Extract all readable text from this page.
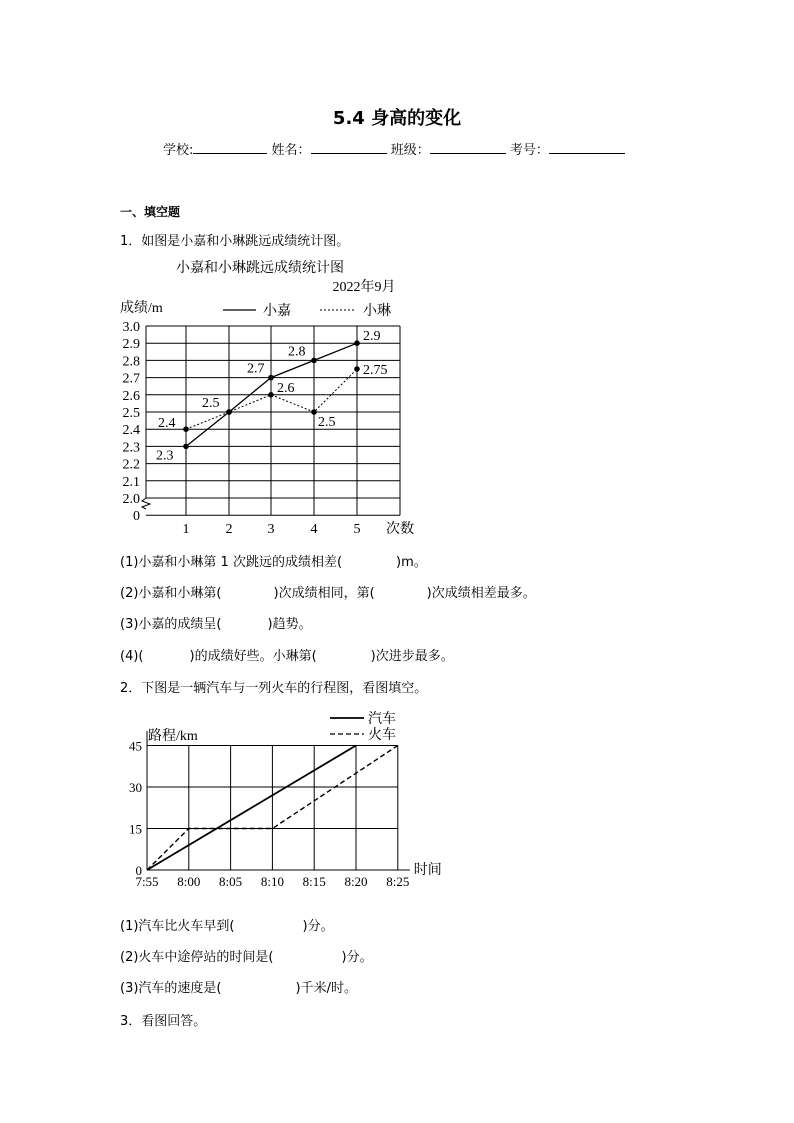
5.4 身高的变化
学校:	姓名：	班级：	考号：
一、填空题
1．如图是小嘉和小琳跳远成绩统计图。
小嘉和小琳跳远成绩统计图
2022年9月
成绩/m	小嘉	小琳
0
2.0
2.1
2.2
2.3
2.4
2.5
2.6
2.7
2.8
2.9
3.0
1	2	3	4	5 次数
2.3
2.5
2.7
2.8
2.9
2.4
2.6
2.5
2.75
(1)小嘉和小琳第 1 次跳远的成绩相差(	)m。
(2)小嘉和小琳第(	)次成绩相同，第(	)次成绩相差最多。
(3)小嘉的成绩呈(	)趋势。
(4)(	)的成绩好些。小琳第(	)次进步最多。
2．下图是一辆汽车与一列火车的行程图，看图填空。
路程/km
汽车
火车
0
15
30
45
7:55 8:00 8:05 8:10 8:15 8:20 8:25
时间
(1)汽车比火车早到(	)分。
(2)火车中途停站的时间是(	)分。
(3)汽车的速度是(	)千米/时。
3．看图回答。
